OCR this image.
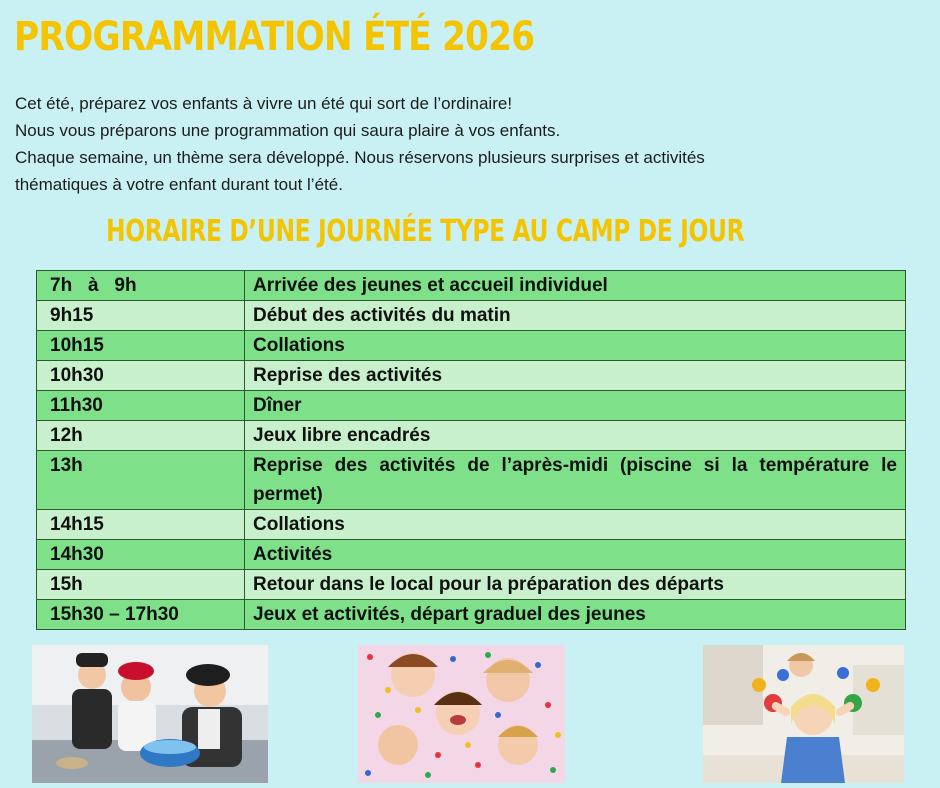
PROGRAMMATION ÉTÉ 2026

Cet été, préparez vos enfants à vivre un été qui sort de l’ordinaire!

Nous vous préparons une programmation qui saura plaire à vos enfants.

Chaque semaine, un thème sera développé. Nous réservons plusieurs surprises et activités

thématiques à votre enfant durant tout l’été.

HORAIRE D’UNE JOURNÉE TYPE AU CAMP DE JOUR
7h   à   9h	Arrivée des jeunes et accueil individuel
9h15	Début des activités du matin
10h15	Collations
10h30	Reprise des activités
11h30	Dîner
12h	Jeux libre encadrés
13h	Reprise des activités de l’après-midi (piscine si la température le permet)
14h15	Collations
14h30	Activités
15h	Retour dans le local pour la préparation des départs
15h30 – 17h30	Jeux et activités, départ graduel des jeunes
